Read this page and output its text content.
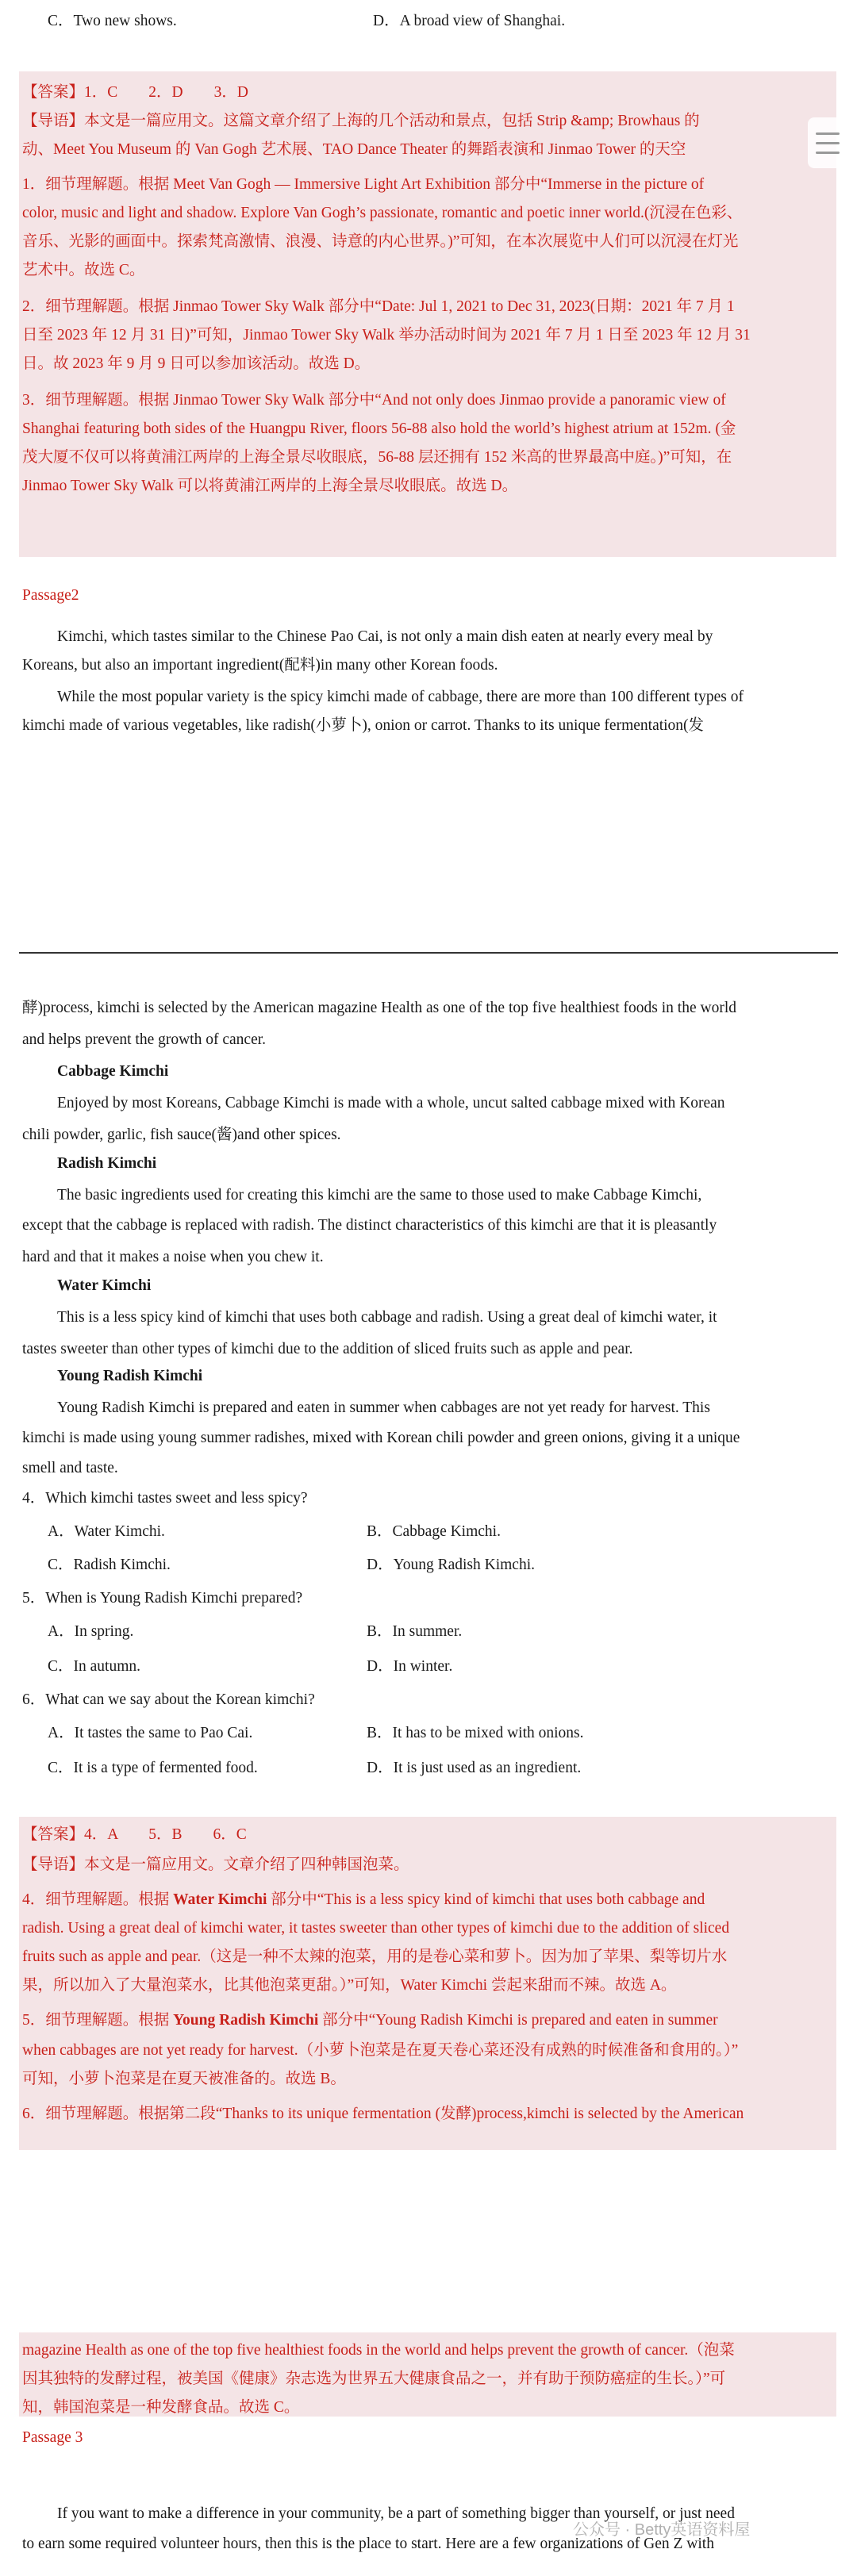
C．Two new shows.	D．A broad view of Shanghai.
【答案】1．C　　2．D　　3．D
【导语】本文是一篇应用文。这篇文章介绍了上海的几个活动和景点，包括 Strip &amp; Browhaus 的
动、Meet You Museum 的 Van Gogh 艺术展、TAO Dance Theater 的舞蹈表演和 Jinmao Tower 的天空
1．细节理解题。根据 Meet Van Gogh — Immersive Light Art Exhibition 部分中“Immerse in the picture of
color, music and light and shadow. Explore Van Gogh’s passionate, romantic and poetic inner world.(沉浸在色彩、
音乐、光影的画面中。探索梵高激情、浪漫、诗意的内心世界。)”可知，在本次展览中人们可以沉浸在灯光
艺术中。故选 C。
2．细节理解题。根据 Jinmao Tower Sky Walk 部分中“Date: Jul 1, 2021 to Dec 31, 2023(日期：2021 年 7 月 1
日至 2023 年 12 月 31 日)”可知，Jinmao Tower Sky Walk 举办活动时间为 2021 年 7 月 1 日至 2023 年 12 月 31
日。故 2023 年 9 月 9 日可以参加该活动。故选 D。
3．细节理解题。根据 Jinmao Tower Sky Walk 部分中“And not only does Jinmao provide a panoramic view of
Shanghai featuring both sides of the Huangpu River, floors 56-88 also hold the world’s highest atrium at 152m. (金
茂大厦不仅可以将黄浦江两岸的上海全景尽收眼底，56-88 层还拥有 152 米高的世界最高中庭。)”可知，在
Jinmao Tower Sky Walk 可以将黄浦江两岸的上海全景尽收眼底。故选 D。
Passage2
Kimchi, which tastes similar to the Chinese Pao Cai, is not only a main dish eaten at nearly every meal by
Koreans, but also an important ingredient(配料)in many other Korean foods.
While the most popular variety is the spicy kimchi made of cabbage, there are more than 100 different types of
kimchi made of various vegetables, like radish(小萝卜), onion or carrot. Thanks to its unique fermentation(发
酵)process, kimchi is selected by the American magazine Health as one of the top five healthiest foods in the world
and helps prevent the growth of cancer.
Cabbage Kimchi
Enjoyed by most Koreans, Cabbage Kimchi is made with a whole, uncut salted cabbage mixed with Korean
chili powder, garlic, fish sauce(酱)and other spices.
Radish Kimchi
The basic ingredients used for creating this kimchi are the same to those used to make Cabbage Kimchi,
except that the cabbage is replaced with radish. The distinct characteristics of this kimchi are that it is pleasantly
hard and that it makes a noise when you chew it.
Water Kimchi
This is a less spicy kind of kimchi that uses both cabbage and radish. Using a great deal of kimchi water, it
tastes sweeter than other types of kimchi due to the addition of sliced fruits such as apple and pear.
Young Radish Kimchi
Young Radish Kimchi is prepared and eaten in summer when cabbages are not yet ready for harvest. This
kimchi is made using young summer radishes, mixed with Korean chili powder and green onions, giving it a unique
smell and taste.
4．Which kimchi tastes sweet and less spicy?
A．Water Kimchi.	B．Cabbage Kimchi.
C．Radish Kimchi.	D．Young Radish Kimchi.
5．When is Young Radish Kimchi prepared?
A．In spring.	B．In summer.
C．In autumn.	D．In winter.
6．What can we say about the Korean kimchi?
A．It tastes the same to Pao Cai.	B．It has to be mixed with onions.
C．It is a type of fermented food.	D．It is just used as an ingredient.
【答案】4．A　　5．B　　6．C
【导语】本文是一篇应用文。文章介绍了四种韩国泡菜。
4．细节理解题。根据 Water Kimchi 部分中“This is a less spicy kind of kimchi that uses both cabbage and
radish. Using a great deal of kimchi water, it tastes sweeter than other types of kimchi due to the addition of sliced
fruits such as apple and pear.（这是一种不太辣的泡菜，用的是卷心菜和萝卜。因为加了苹果、梨等切片水
果，所以加入了大量泡菜水，比其他泡菜更甜。）”可知，Water Kimchi 尝起来甜而不辣。故选 A。
5．细节理解题。根据 Young Radish Kimchi 部分中“Young Radish Kimchi is prepared and eaten in summer
when cabbages are not yet ready for harvest.（小萝卜泡菜是在夏天卷心菜还没有成熟的时候准备和食用的。）”
可知，小萝卜泡菜是在夏天被准备的。故选 B。
6．细节理解题。根据第二段“Thanks to its unique fermentation (发酵)process,kimchi is selected by the American
magazine Health as one of the top five healthiest foods in the world and helps prevent the growth of cancer.（泡菜
因其独特的发酵过程，被美国《健康》杂志选为世界五大健康食品之一，并有助于预防癌症的生长。）”可
知，韩国泡菜是一种发酵食品。故选 C。
Passage 3
If you want to make a difference in your community, be a part of something bigger than yourself, or just need
to earn some required volunteer hours, then this is the place to start. Here are a few organizations of Gen Z with
公众号 · Betty英语资料屋
